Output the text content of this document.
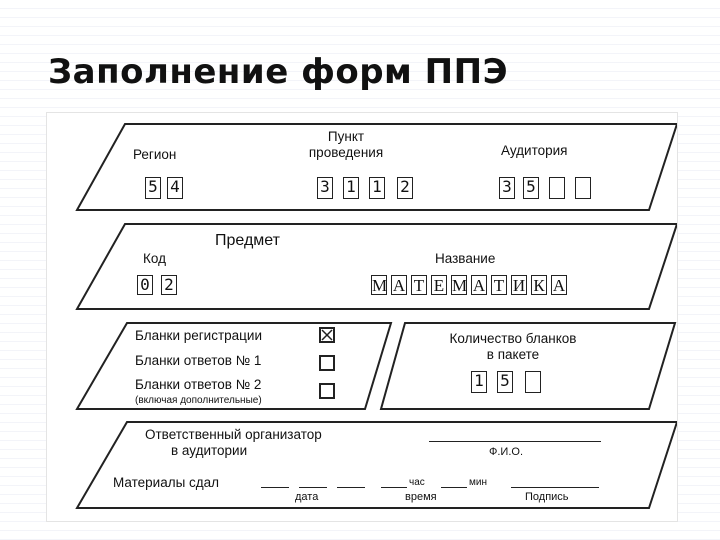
Заполнение форм ППЭ
Регион
5 4
Пункт
проведения
3 1 1 2
Аудитория
3 5
Предмет
Код
0 2
Название
М А Т Е М А Т И К А
Бланки регистрации
Бланки ответов № 1
Бланки ответов № 2
(включая дополнительные)
Количество бланков
в пакете
1 5
Ответственный организатор
в аудитории	Ф.И.О.
Материалы сдал
дата
час	мин
время	Подпись
